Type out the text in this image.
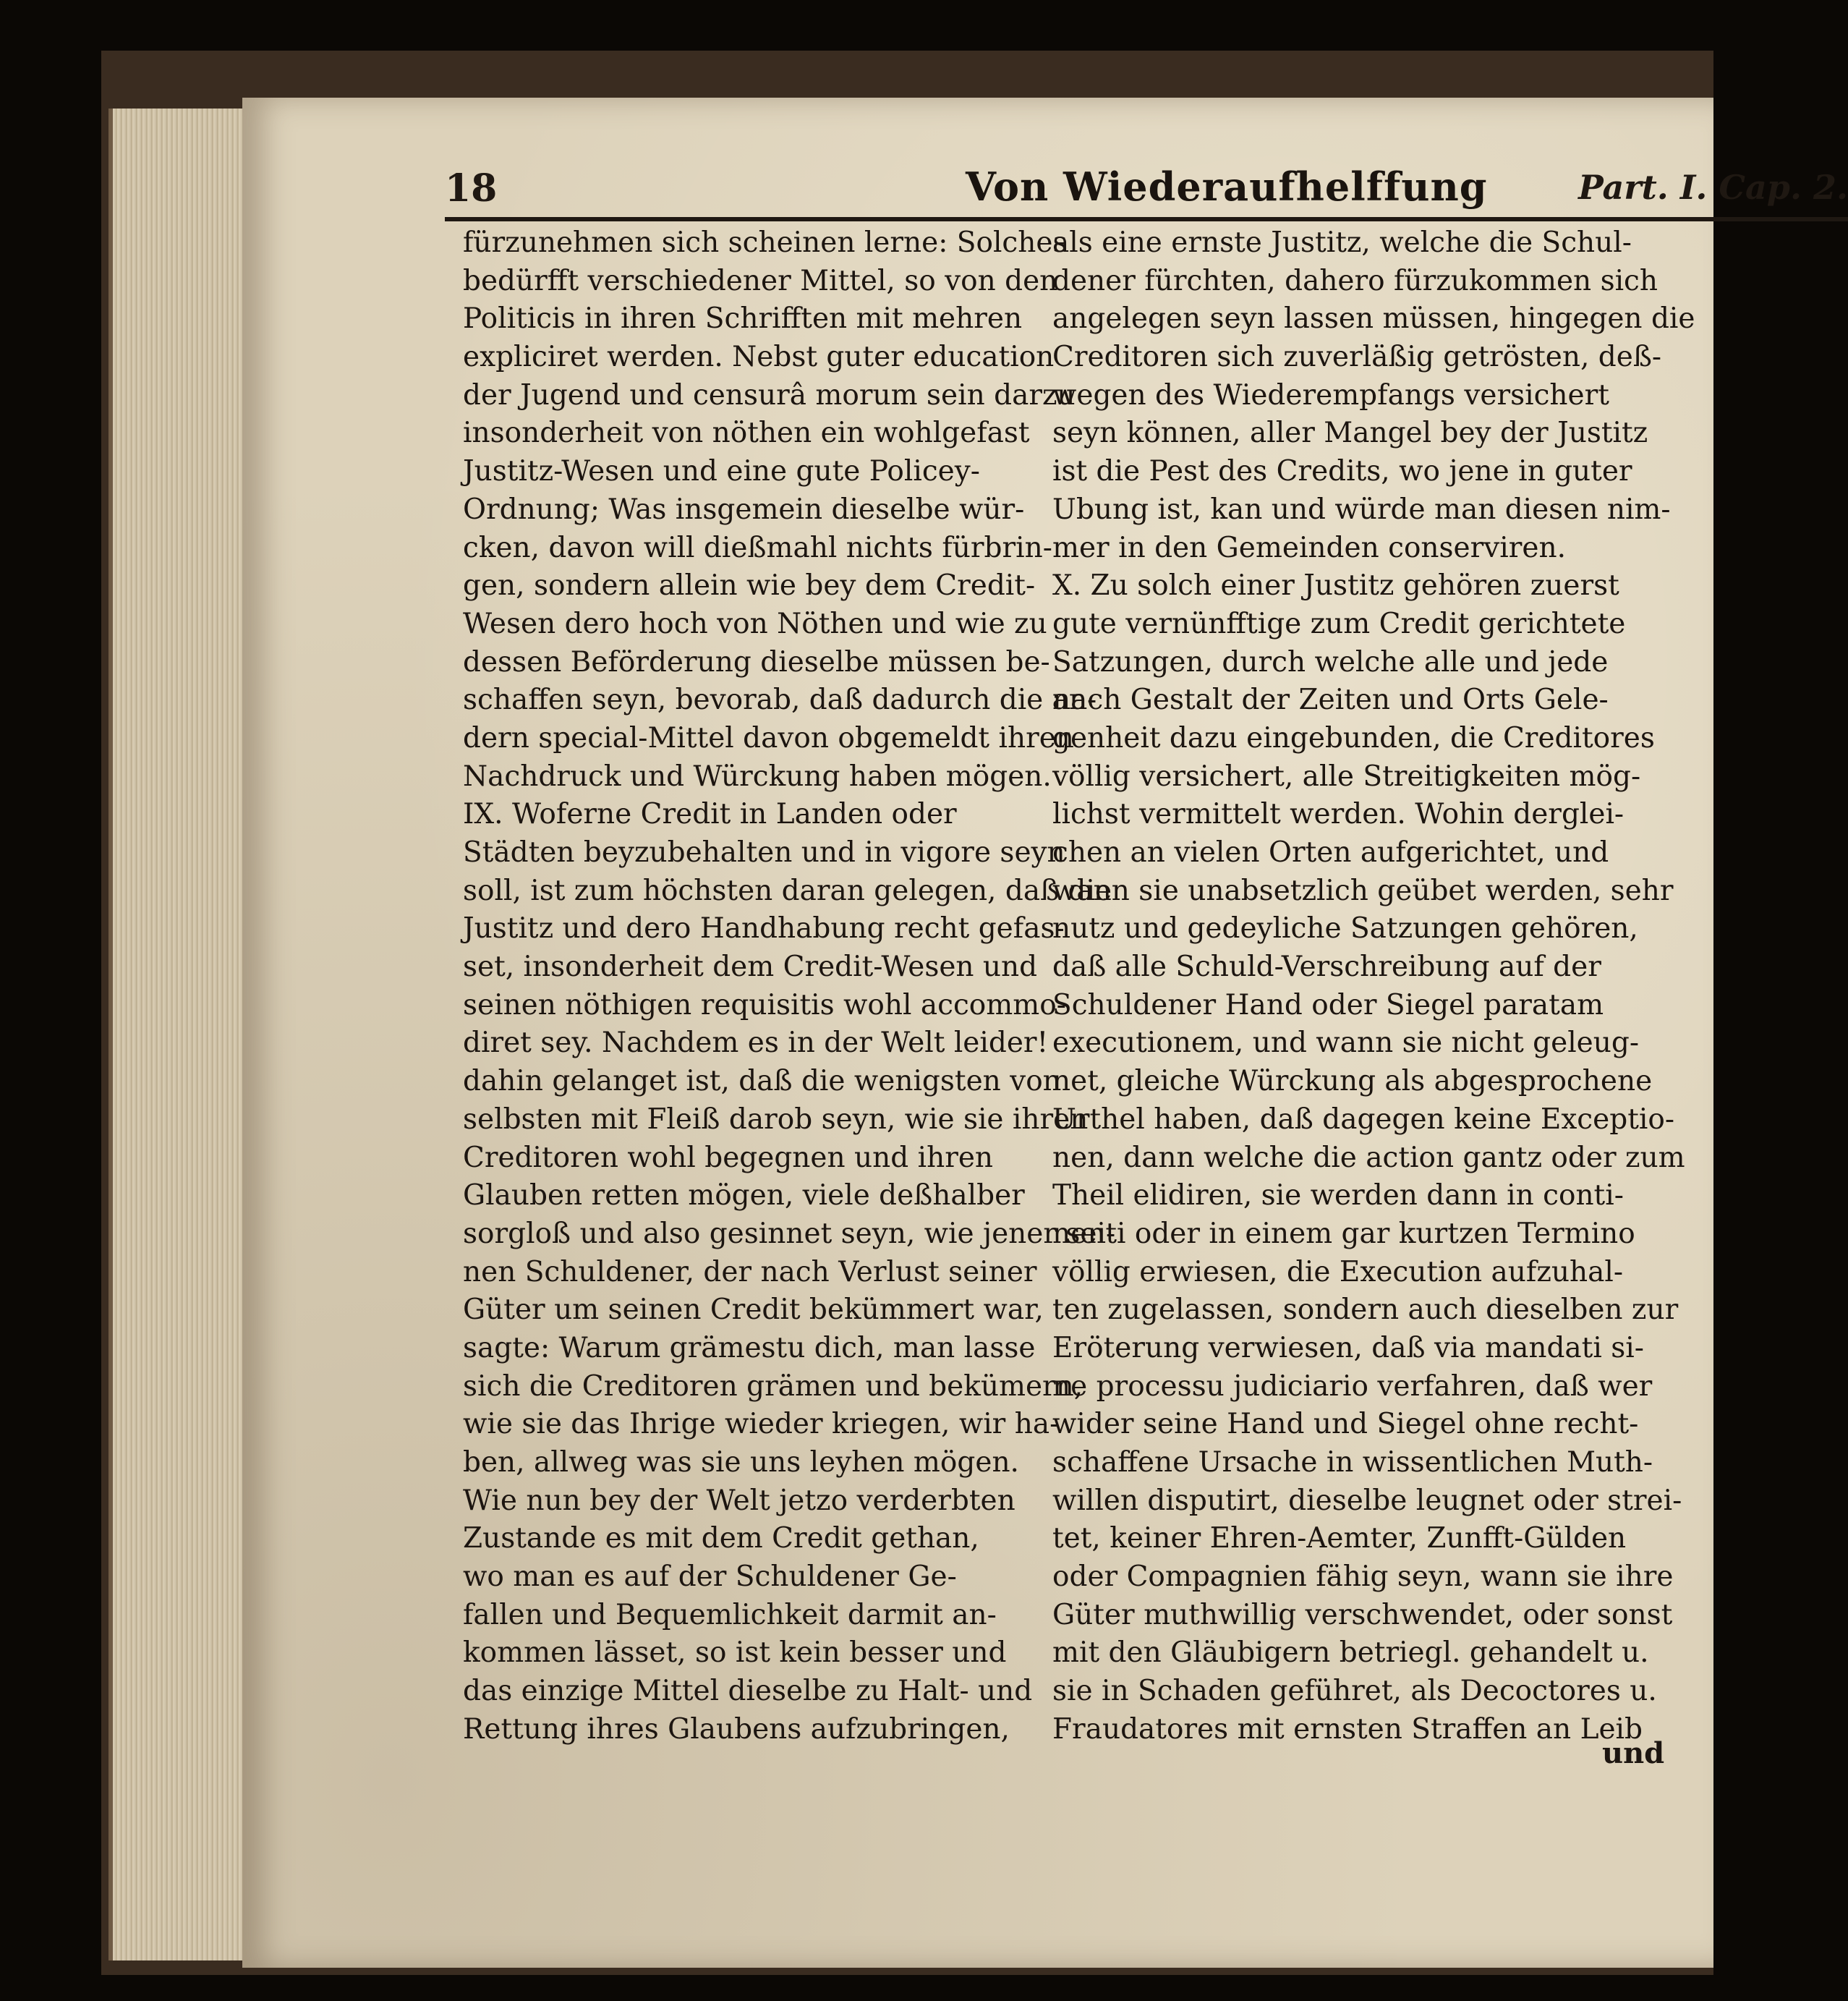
18	Von Wiederaufhelffung	Part. I. Cap. 2.
fürzunehmen sich scheinen lerne: Solches
bedürfft verschiedener Mittel, so von den
Politicis in ihren Schrifften mit mehren
expliciret werden. Nebst guter education
der Jugend und censurâ morum sein darzu
insonderheit von nöthen ein wohlgefast
Justitz-Wesen und eine gute Policey-
Ordnung; Was insgemein dieselbe wür-
cken, davon will dießmahl nichts fürbrin-
gen, sondern allein wie bey dem Credit-
Wesen dero hoch von Nöthen und wie zu
dessen Beförderung dieselbe müssen be-
schaffen seyn, bevorab, daß dadurch die an-
dern special-Mittel davon obgemeldt ihren
Nachdruck und Würckung haben mögen.
IX. Woferne Credit in Landen oder
Städten beyzubehalten und in vigore seyn
soll, ist zum höchsten daran gelegen, daß die
Justitz und dero Handhabung recht gefas-
set, insonderheit dem Credit-Wesen und
seinen nöthigen requisitis wohl accommo-
diret sey. Nachdem es in der Welt leider!
dahin gelanget ist, daß die wenigsten von
selbsten mit Fleiß darob seyn, wie sie ihren
Creditoren wohl begegnen und ihren
Glauben retten mögen, viele deßhalber
sorgloß und also gesinnet seyn, wie jener sei-
nen Schuldener, der nach Verlust seiner
Güter um seinen Credit bekümmert war,
sagte: Warum grämestu dich, man lasse
sich die Creditoren grämen und bekümern,
wie sie das Ihrige wieder kriegen, wir ha-
ben, allweg was sie uns leyhen mögen.
Wie nun bey der Welt jetzo verderbten
Zustande es mit dem Credit gethan,
wo man es auf der Schuldener Ge-
fallen und Bequemlichkeit darmit an-
kommen lässet, so ist kein besser und
das einzige Mittel dieselbe zu Halt- und
Rettung ihres Glaubens aufzubringen,
als eine ernste Justitz, welche die Schul-
dener fürchten, dahero fürzukommen sich
angelegen seyn lassen müssen, hingegen die
Creditoren sich zuverläßig getrösten, deß-
wegen des Wiederempfangs versichert
seyn können, aller Mangel bey der Justitz
ist die Pest des Credits, wo jene in guter
Ubung ist, kan und würde man diesen nim-
mer in den Gemeinden conserviren.
X. Zu solch einer Justitz gehören zuerst
gute vernünfftige zum Credit gerichtete
Satzungen, durch welche alle und jede
nach Gestalt der Zeiten und Orts Gele-
genheit dazu eingebunden, die Creditores
völlig versichert, alle Streitigkeiten mög-
lichst vermittelt werden. Wohin derglei-
chen an vielen Orten aufgerichtet, und
wann sie unabsetzlich geübet werden, sehr
nutz und gedeyliche Satzungen gehören,
daß alle Schuld-Verschreibung auf der
Schuldener Hand oder Siegel paratam
executionem, und wann sie nicht geleug-
net, gleiche Würckung als abgesprochene
Urthel haben, daß dagegen keine Exceptio-
nen, dann welche die action gantz oder zum
Theil elidiren, sie werden dann in conti-
nenti oder in einem gar kurtzen Termino
völlig erwiesen, die Execution aufzuhal-
ten zugelassen, sondern auch dieselben zur
Eröterung verwiesen, daß via mandati si-
ne processu judiciario verfahren, daß wer
wider seine Hand und Siegel ohne recht-
schaffene Ursache in wissentlichen Muth-
willen disputirt, dieselbe leugnet oder strei-
tet, keiner Ehren-Aemter, Zunfft-Gülden
oder Compagnien fähig seyn, wann sie ihre
Güter muthwillig verschwendet, oder sonst
mit den Gläubigern betriegl. gehandelt u.
sie in Schaden geführet, als Decoctores u.
Fraudatores mit ernsten Straffen an Leib
und
